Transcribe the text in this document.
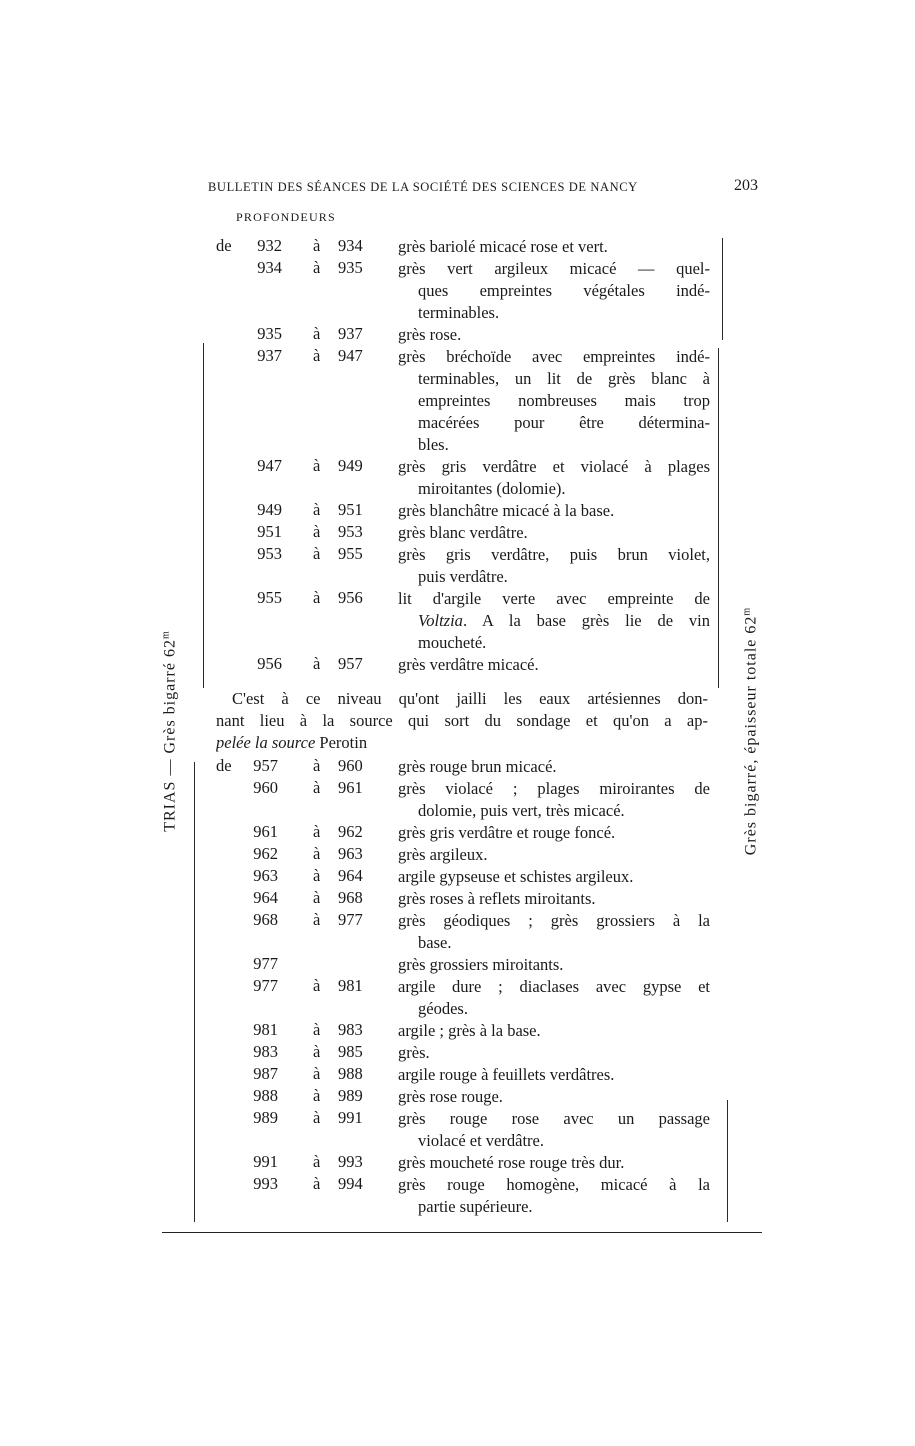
BULLETIN DES SÉANCES DE LA SOCIÉTÉ DES SCIENCES DE NANCY	203
PROFONDEURS
de	932 à 934 grès bariolé micacé rose et vert.
934 à 935 grès vert argileux micacé — quel-
ques empreintes végétales indé-
terminables.
935 à 937 grès rose.
937 à 947 grès bréchoïde avec empreintes indé-
terminables, un lit de grès blanc à
empreintes nombreuses mais trop
macérées pour être détermina-
bles.
947 à 949 grès gris verdâtre et violacé à plages
miroitantes (dolomie).
949 à 951 grès blanchâtre micacé à la base.
951 à 953 grès blanc verdâtre.
953 à 955 grès gris verdâtre, puis brun violet,
puis verdâtre.
955 à 956 lit d'argile verte avec empreinte de
Voltzia. A la base grès lie de vin
moucheté.
956 à 957 grès verdâtre micacé.
de	957 à 960 grès rouge brun micacé.
960 à 961 grès violacé ; plages miroirantes de
dolomie, puis vert, très micacé.
961 à 962 grès gris verdâtre et rouge foncé.
962 à 963 grès argileux.
963 à 964 argile gypseuse et schistes argileux.
964 à 968 grès roses à reflets miroitants.
968 à 977 grès géodiques ; grès grossiers à la
base.
977	grès grossiers miroitants.
977 à 981 argile dure ; diaclases avec gypse et
géodes.
981 à 983 argile ; grès à la base.
983 à 985 grès.
987 à 988 argile rouge à feuillets verdâtres.
988 à 989 grès rose rouge.
989 à 991 grès rouge rose avec un passage
violacé et verdâtre.
991 à 993 grès moucheté rose rouge très dur.
993 à 994 grès rouge homogène, micacé à la
partie supérieure.
C'est à ce niveau qu'ont jailli les eaux artésiennes don-
nant lieu à la source qui sort du sondage et qu'on a ap-
pelée la source Perotin
TRIAS — Grès bigarré 62$^m$	Grès bigarré, épaisseur totale 62$^m$
